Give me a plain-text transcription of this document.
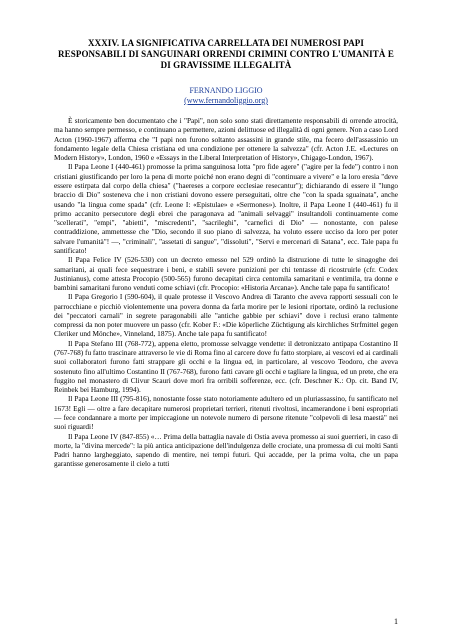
XXXIV. LA SIGNIFICATIVA CARRELLATA DEI NUMEROSI PAPI RESPONSABILI DI SANGUINARI ORRENDI CRIMINI CONTRO L'UMANITÀ E DI GRAVISSIME ILLEGALITÀ
FERNANDO LIGGIO
(www.fernandoliggio.org)

È storicamente ben documentato che i "Papi", non solo sono stati direttamente responsabili di orrende atrocità, ma hanno sempre permesso, e continuano a permettere, azioni delittuose ed illegalità di ogni genere. Non a caso Lord Acton (1960-1967) afferma che "I papi non furono soltanto assassini in grande stile, ma fecero dell'assassinio un fondamento legale della Chiesa cristiana ed una condizione per ottenere la salvezza" (cfr. Acton J.E. «Lectures on Modern History», London, 1960 e «Essays in the Liberal Interpretation of History», Chigago-London, 1967).

Il Papa Leone I (440-461) promosse la prima sanguinosa lotta "pro fide agere" ("agire per la fede") contro i non cristiani giustificando per loro la pena di morte poiché non erano degni di "continuare a vivere" e la loro eresia "deve essere estirpata dal corpo della chiesa" ("haereses a corpore ecclesiae resecantur"); dichiarando di essere il "lungo braccio di Dio" sosteneva che i non cristiani dovono essere perseguitati, oltre che "con la spada sguainata", anche usando "la lingua come spada" (cfr. Leone I: «Epistulae» e «Sermones»). Inoltre, il Papa Leone I (440-461) fu il primo accanito persecutore degli ebrei che paragonava ad "animali selvaggi" insultandoli continuamente come "scellerati", "empi", "abietti", "miscredenti", "sacrileghi", "carnefici di Dio" — nonostante, con palese contraddizione, ammettesse che "Dio, secondo il suo piano di salvezza, ha voluto essere ucciso da loro per poter salvare l'umanità"! —, "criminali", "assetati di sangue", "dissoluti", "Servi e mercenari di Satana", ecc. Tale papa fu santificato!

Il Papa Felice IV (526-530) con un decreto emesso nel 529 ordinò la distruzione di tutte le sinagoghe dei samaritani, ai quali fece sequestrare i beni, e stabilì severe punizioni per chi tentasse di ricostruirle (cfr. Codex Justinianus), come attesta Procopio (500-565) furono decapitati circa centomila samaritani e ventimila, tra donne e bambini samaritani furono venduti come schiavi (cfr. Procopio: «Historia Arcana»). Anche tale papa fu santificato!

Il Papa Gregorio I (590-604), il quale protesse il Vescovo Andrea di Taranto che aveva rapporti sessuali con le parrocchiane e picchiò violentemente una povera donna da farla morire per le lesioni riportate, ordinò la reclusione dei "peccatori carnali" in segrete paragonabili alle "antiche gabbie per schiavi" dove i reclusi erano talmente compressi da non poter muovere un passo (cfr. Kober F.: «Die köperliche Züchtigung als kirchliches Strfmittel gegen Cleriker und Mönche», Vinneland, 1875). Anche tale papa fu santificato!

Il Papa Stefano III (768-772), appena eletto, promosse selvagge vendette: il detronizzato antipapa Costantino II (767-768) fu fatto trascinare attraverso le vie di Roma fino al carcere dove fu fatto storpiare, ai vescovi ed ai cardinali suoi collaboratori furono fatti strappare gli occhi e la lingua ed, in particolare, al vescovo Teodoro, che aveva sostenuto fino all'ultimo Costantino II (767-768), furono fatti cavare gli occhi e tagliare la lingua, ed un prete, che era fuggito nel monastero di Clivur Scauri dove morì fra orribili sofferenze, ecc. (cfr. Deschner K.: Op. cit. Band IV, Reinbek bei Hamburg, 1994).

Il Papa Leone III (795-816), nonostante fosse stato notoriamente adultero ed un pluriassassino, fu santificato nel 1673! Egli — oltre a fare decapitare numerosi proprietari terrieri, ritenuti rivoltosi, incamerandone i beni espropriati — fece condannare a morte per impiccagione un notevole numero di persone ritenute "colpevoli di lesa maestà" nei suoi riguardi!

Il Papa Leone IV (847-855) «… Prima della battaglia navale di Ostia aveva promesso ai suoi guerrieri, in caso di morte, la "divina mercede": la più antica anticipazione dell'indulgenza delle crociate, una promessa di cui molti Santi Padri hanno largheggiato, sapendo di mentire, nei tempi futuri. Qui accadde, per la prima volta, che un papa garantisse generosamente il cielo a tutti

1
